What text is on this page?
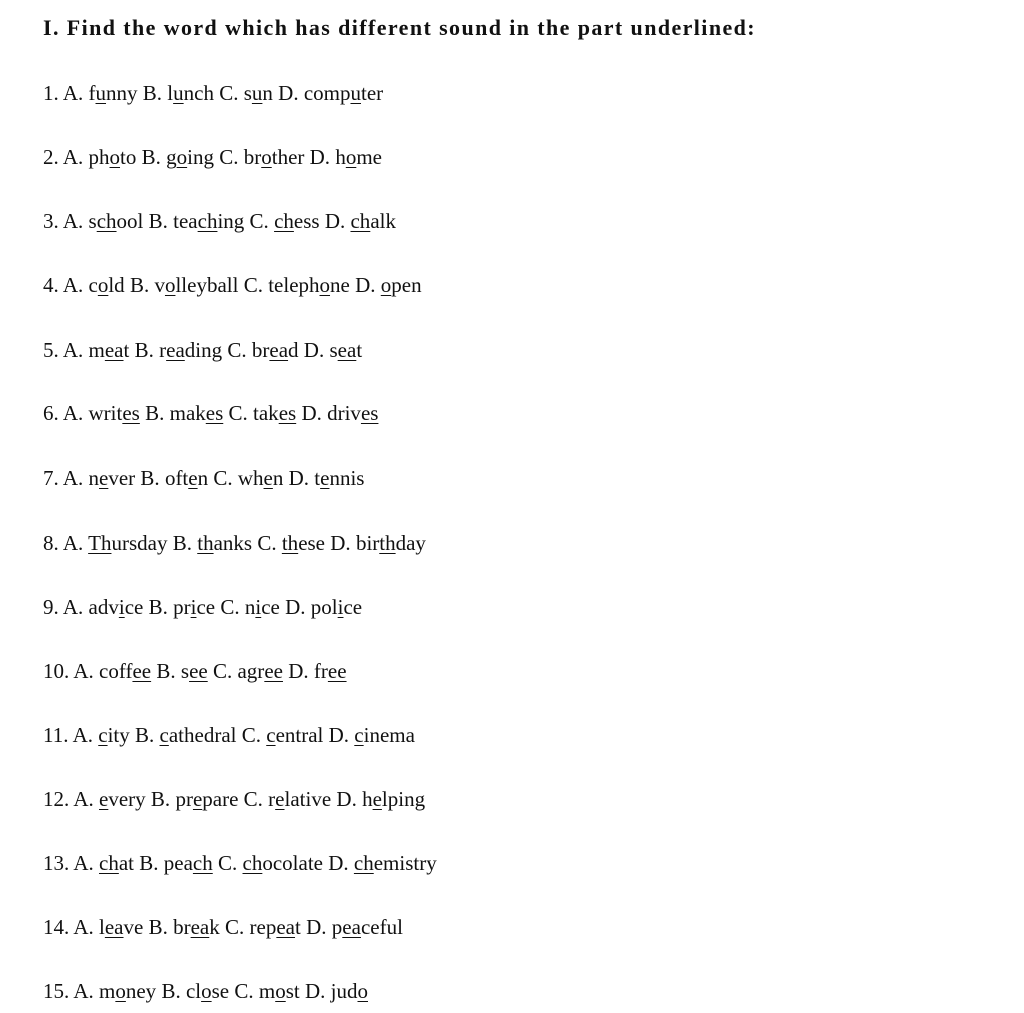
I. Find the word which has different sound in the part underlined:
1. A. funny B. lunch C. sun D. computer
2. A. photo B. going C. brother D. home
3. A. school B. teaching C. chess D. chalk
4. A. cold B. volleyball C. telephone D. open
5. A. meat B. reading C. bread D. seat
6. A. writes B. makes C. takes D. drives
7. A. never B. often C. when D. tennis
8. A. Thursday B. thanks C. these D. birthday
9. A. advice B. price C. nice D. police
10. A. coffee B. see C. agree D. free
11. A. city B. cathedral C. central D. cinema
12. A. every B. prepare C. relative D. helping
13. A. chat B. peach C. chocolate D. chemistry
14. A. leave B. break C. repeat D. peaceful
15. A. money B. close C. most D. judo
